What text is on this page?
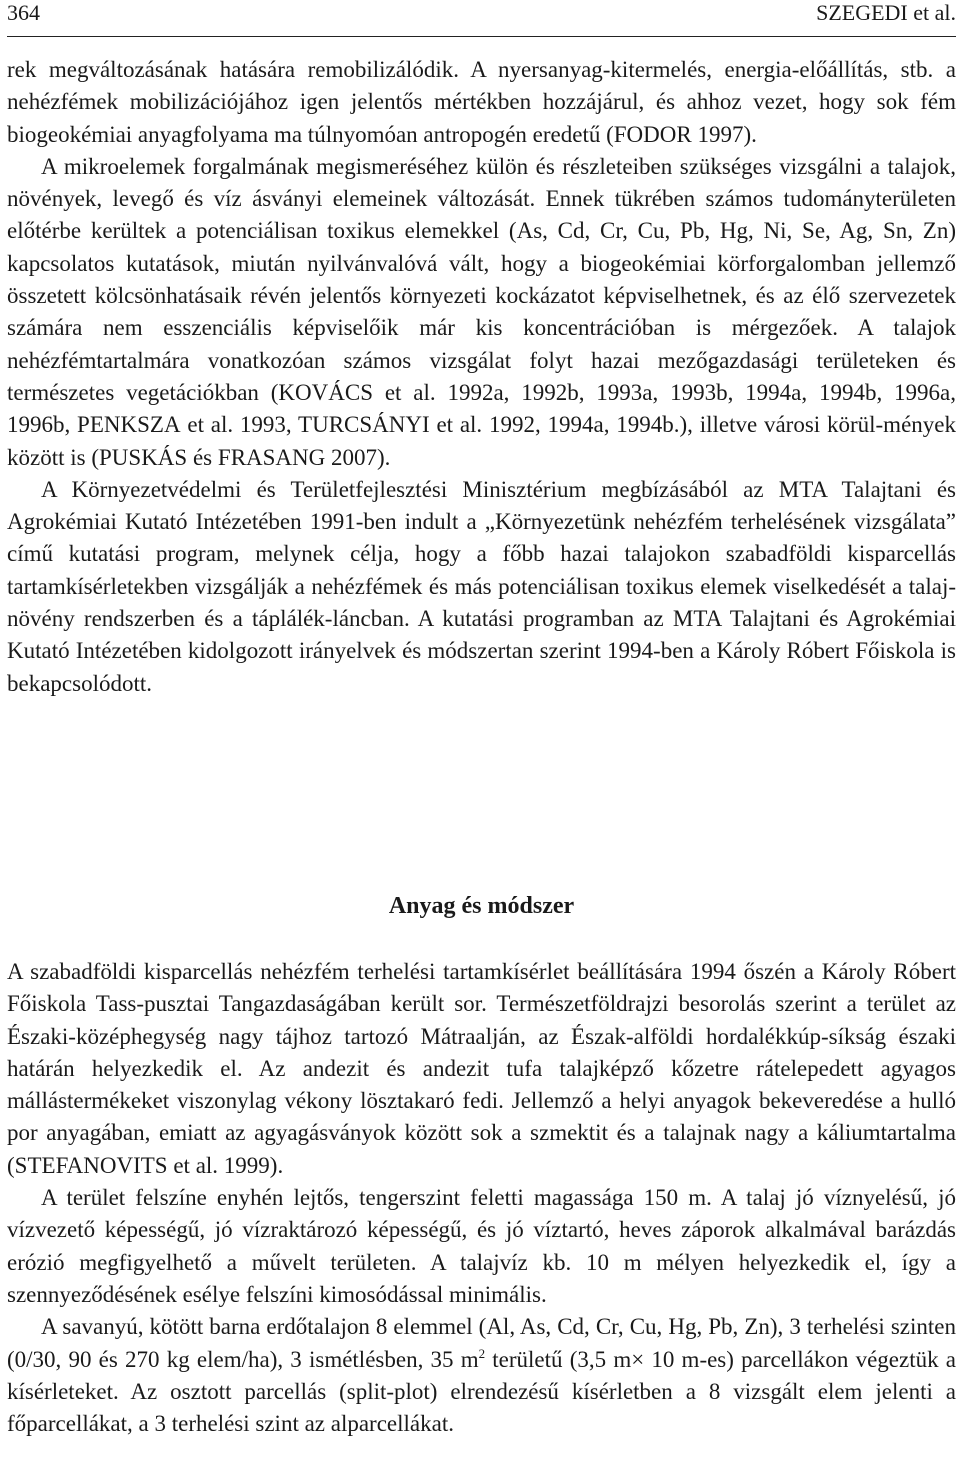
364	SZEGEDI et al.

rek megváltozásának hatására remobilizálódik. A nyersanyag-kitermelés, energia-előállítás, stb. a nehézfémek mobilizációjához igen jelentős mértékben hozzájárul, és ahhoz vezet, hogy sok fém biogeokémiai anyagfolyama ma túlnyomóan antropogén eredetű (FODOR 1997).

A mikroelemek forgalmának megismeréséhez külön és részleteiben szükséges vizsgálni a talajok, növények, levegő és víz ásványi elemeinek változását. Ennek tükrében számos tudományterületen előtérbe kerültek a potenciálisan toxikus elemekkel (As, Cd, Cr, Cu, Pb, Hg, Ni, Se, Ag, Sn, Zn) kapcsolatos kutatások, miután nyilvánvalóvá vált, hogy a biogeokémiai körforgalomban jellemző összetett kölcsönhatásaik révén jelentős környezeti kockázatot képviselhetnek, és az élő szervezetek számára nem esszenciális képviselőik már kis koncentrációban is mérgezőek. A talajok nehézfémtartalmára vonatkozóan számos vizsgálat folyt hazai mezőgazdasági területeken és természetes vegetációkban (KOVÁCS et al. 1992a, 1992b, 1993a, 1993b, 1994a, 1994b, 1996a, 1996b, PENKSZA et al. 1993, TURCSÁNYI et al. 1992, 1994a, 1994b.), illetve városi körül-mények között is (PUSKÁS és FRASANG 2007).

A Környezetvédelmi és Területfejlesztési Minisztérium megbízásából az MTA Talajtani és Agrokémiai Kutató Intézetében 1991-ben indult a „Környezetünk nehézfém terhelésének vizsgálata” című kutatási program, melynek célja, hogy a főbb hazai talajokon szabadföldi kisparcellás tartamkísérletekben vizsgálják a nehézfémek és más potenciálisan toxikus elemek viselkedését a talaj-növény rendszerben és a táplálék-láncban. A kutatási programban az MTA Talajtani és Agrokémiai Kutató Intézetében kidolgozott irányelvek és módszertan szerint 1994-ben a Károly Róbert Főiskola is bekapcsolódott.

Anyag és módszer

A szabadföldi kisparcellás nehézfém terhelési tartamkísérlet beállítására 1994 őszén a Károly Róbert Főiskola Tass-pusztai Tangazdaságában került sor. Természetföldrajzi besorolás szerint a terület az Északi-középhegység nagy tájhoz tartozó Mátraalján, az Észak-alföldi hordalékkúp-síkság északi határán helyezkedik el. Az andezit és andezit tufa talajképző kőzetre rátelepedett agyagos mállástermékeket viszonylag vékony lösztakaró fedi. Jellemző a helyi anyagok bekeveredése a hulló por anyagában, emiatt az agyagásványok között sok a szmektit és a talajnak nagy a káliumtartalma (STEFANOVITS et al. 1999).

A terület felszíne enyhén lejtős, tengerszint feletti magassága 150 m. A talaj jó víznyelésű, jó vízvezető képességű, jó vízraktározó képességű, és jó víztartó, heves záporok alkalmával barázdás erózió megfigyelhető a művelt területen. A talajvíz kb. 10 m mélyen helyezkedik el, így a szennyeződésének esélye felszíni kimosódással minimális.

A savanyú, kötött barna erdőtalajon 8 elemmel (Al, As, Cd, Cr, Cu, Hg, Pb, Zn), 3 terhelési szinten (0/30, 90 és 270 kg elem/ha), 3 ismétlésben, 35 $m^2$ területű (3,5 m× 10 m-es) parcellákon végeztük a kísérleteket. Az osztott parcellás (split-plot) elrendezésű kísérletben a 8 vizsgált elem jelenti a főparcellákat, a 3 terhelési szint az alparcellákat.
